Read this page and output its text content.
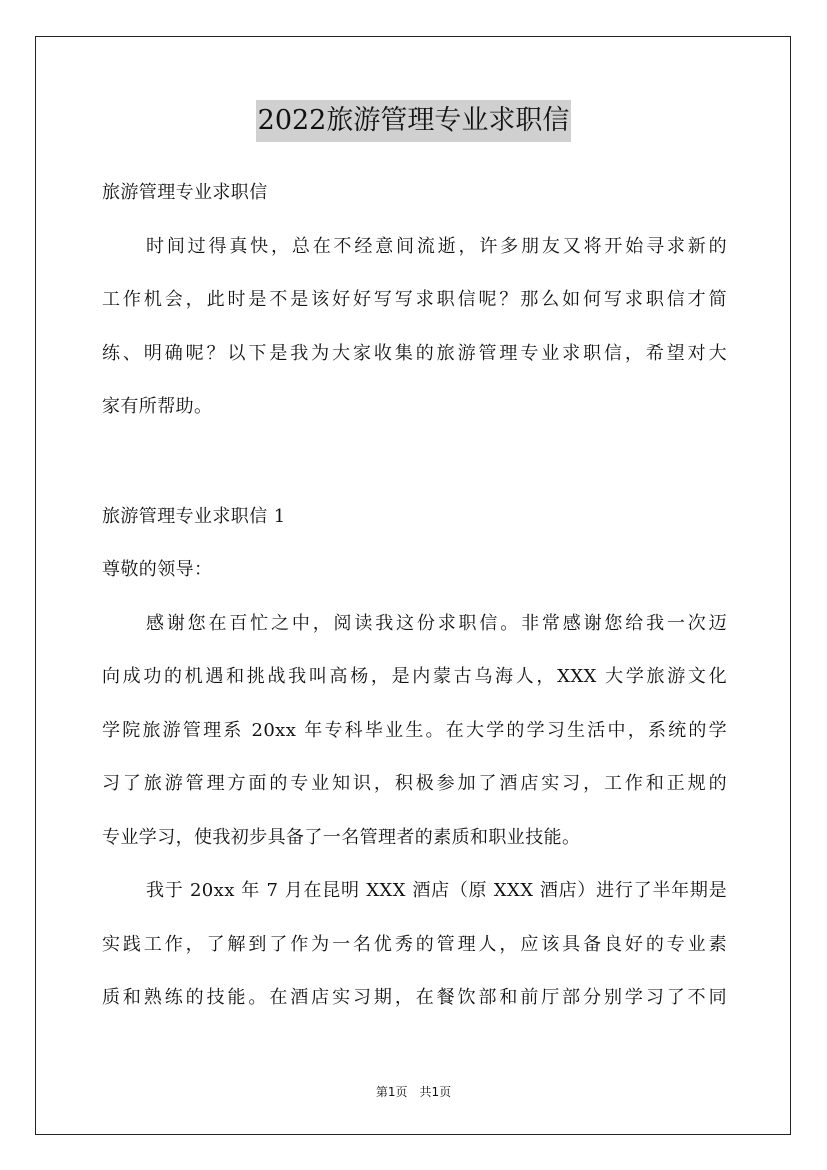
2022旅游管理专业求职信
旅游管理专业求职信
时间过得真快，总在不经意间流逝，许多朋友又将开始寻求新的
工作机会，此时是不是该好好写写求职信呢？那么如何写求职信才简
练、明确呢？以下是我为大家收集的旅游管理专业求职信，希望对大
家有所帮助。
旅游管理专业求职信 1
尊敬的领导：
感谢您在百忙之中，阅读我这份求职信。非常感谢您给我一次迈
向成功的机遇和挑战我叫高杨，是内蒙古乌海人，XXX 大学旅游文化
学院旅游管理系 20xx 年专科毕业生。在大学的学习生活中，系统的学
习了旅游管理方面的专业知识，积极参加了酒店实习，工作和正规的
专业学习，使我初步具备了一名管理者的素质和职业技能。
我于 20xx 年 7 月在昆明 XXX 酒店（原 XXX 酒店）进行了半年期是
实践工作，了解到了作为一名优秀的管理人，应该具备良好的专业素
质和熟练的技能。在酒店实习期，在餐饮部和前厅部分别学习了不同
第1页　共1页
